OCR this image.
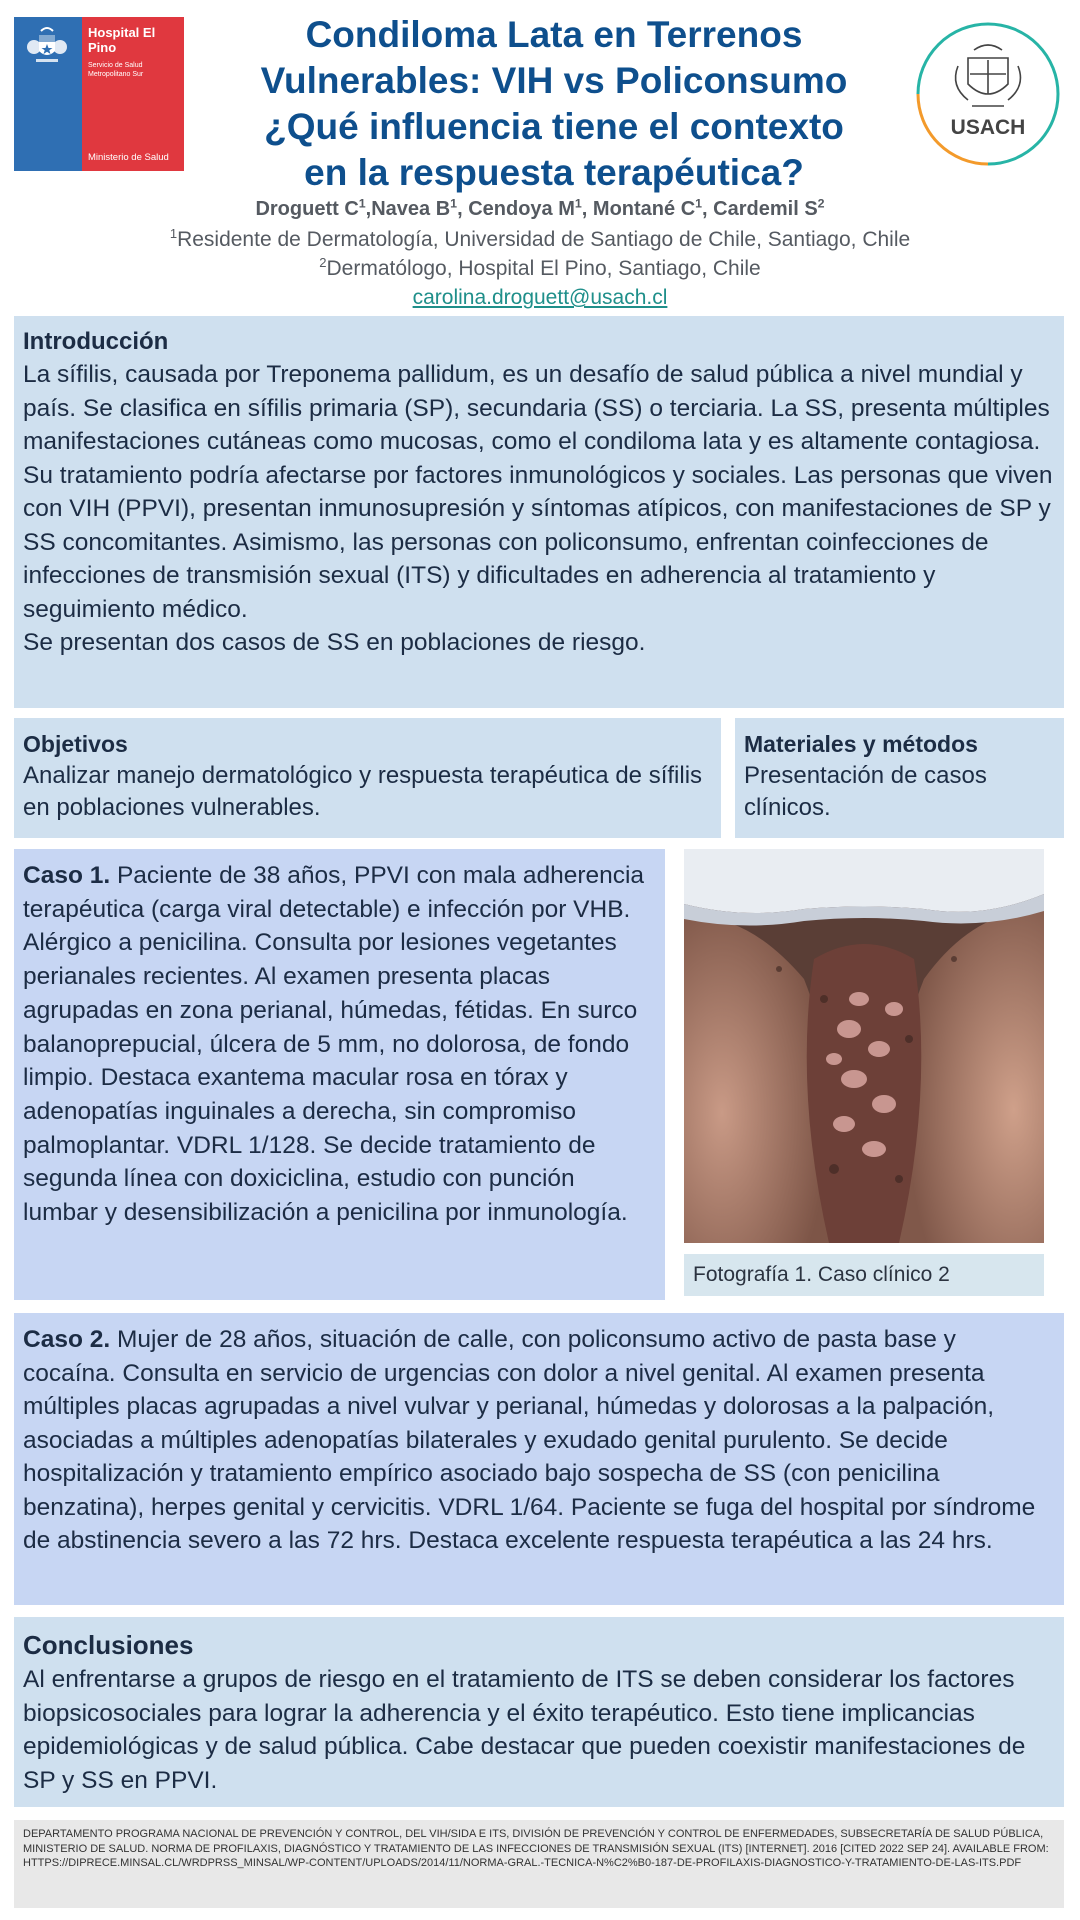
Hospital El Pino
Servicio de Salud Metropolitano Sur
Ministerio de Salud
USACH
Condiloma Lata en Terrenos
Vulnerables: VIH vs Policonsumo
¿Qué influencia tiene el contexto
en la respuesta terapéutica?
Droguett $C^1,Navea$ $B^1$, Cendoya $M^1$, Montané $C^1$, Cardemil $S^2$
$^1$Residente de Dermatología, Universidad de Santiago de Chile, Santiago, Chile
$^2$Dermatólogo, Hospital El Pino, Santiago, Chile
carolina.droguett@usach.cl
Introducción

La sífilis, causada por Treponema pallidum, es un desafío de salud pública a nivel mundial y país. Se clasifica en sífilis primaria (SP), secundaria (SS) o terciaria. La SS, presenta múltiples manifestaciones cutáneas como mucosas, como el condiloma lata y es altamente contagiosa.

Su tratamiento podría afectarse por factores inmunológicos y sociales. Las personas que viven con VIH (PPVI), presentan inmunosupresión y síntomas atípicos, con manifestaciones de SP y SS concomitantes. Asimismo, las personas con policonsumo, enfrentan coinfecciones de infecciones de transmisión sexual (ITS) y dificultades en adherencia al tratamiento y seguimiento médico.

Se presentan dos casos de SS en poblaciones de riesgo.

Objetivos

Analizar manejo dermatológico y respuesta terapéutica de sífilis en poblaciones vulnerables.

Materiales y métodos

Presentación de casos clínicos.

Caso 1. Paciente de 38 años, PPVI con mala adherencia terapéutica (carga viral detectable) e infección por VHB. Alérgico a penicilina. Consulta por lesiones vegetantes perianales recientes. Al examen presenta placas agrupadas en zona perianal, húmedas, fétidas. En surco balanoprepucial, úlcera de 5 mm, no dolorosa, de fondo limpio. Destaca exantema macular rosa en tórax y adenopatías inguinales a derecha, sin compromiso palmoplantar. VDRL 1/128. Se decide tratamiento de segunda línea con doxiciclina, estudio con punción lumbar y desensibilización a penicilina por inmunología.

Fotografía 1. Caso clínico 2

Caso 2. Mujer de 28 años, situación de calle, con policonsumo activo de pasta base y cocaína. Consulta en servicio de urgencias con dolor a nivel genital. Al examen presenta múltiples placas agrupadas a nivel vulvar y perianal, húmedas y dolorosas a la palpación, asociadas a múltiples adenopatías bilaterales y exudado genital purulento. Se decide hospitalización y tratamiento empírico asociado bajo sospecha de SS (con penicilina benzatina), herpes genital y cervicitis. VDRL 1/64. Paciente se fuga del hospital por síndrome de abstinencia severo a las 72 hrs. Destaca excelente respuesta terapéutica a las 24 hrs.

Conclusiones

Al enfrentarse a grupos de riesgo en el tratamiento de ITS se deben considerar los factores biopsicosociales para lograr la adherencia y el éxito terapéutico. Esto tiene implicancias epidemiológicas y de salud pública. Cabe destacar que pueden coexistir manifestaciones de SP y SS en PPVI.

DEPARTAMENTO PROGRAMA NACIONAL DE PREVENCIÓN Y CONTROL, DEL VIH/SIDA E ITS, DIVISIÓN DE PREVENCIÓN Y CONTROL DE ENFERMEDADES, SUBSECRETARÍA DE SALUD PÚBLICA, MINISTERIO DE SALUD. NORMA DE PROFILAXIS, DIAGNÓSTICO Y TRATAMIENTO DE LAS INFECCIONES DE TRANSMISIÓN SEXUAL (ITS) [INTERNET]. 2016 [CITED 2022 SEP 24]. AVAILABLE FROM: HTTPS://DIPRECE.MINSAL.CL/WRDPRSS_MINSAL/WP-CONTENT/UPLOADS/2014/11/NORMA-GRAL.-TECNICA-N%C2%B0-187-DE-PROFILAXIS-DIAGNOSTICO-Y-TRATAMIENTO-DE-LAS-ITS.PDF
